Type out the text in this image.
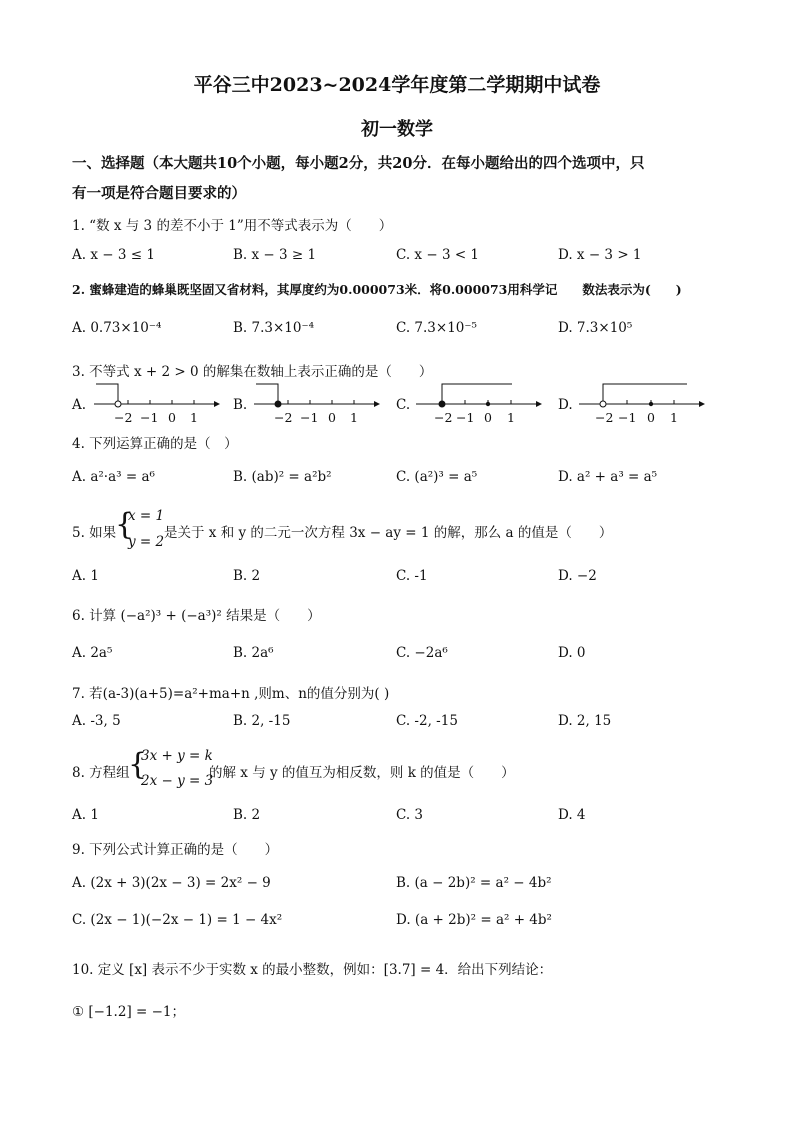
平谷三中2023~2024学年度第二学期期中试卷
初一数学
一、选择题（本大题共10个小题，每小题2分，共20分．在每小题给出的四个选项中，只
有一项是符合题目要求的）
1. “数 x 与 3 的差不小于 1”用不等式表示为（　　）
A. x − 3 ≤ 1	B. x − 3 ≥ 1	C. x − 3 < 1	D. x − 3 > 1
2. 蜜蜂建造的蜂巢既坚固又省材料，其厚度约为0.000073米．将0.000073用科学记　　数法表示为(　　)
A. 0.73×10⁻⁴	B. 7.3×10⁻⁴	C. 7.3×10⁻⁵	D. 7.3×10⁵
3. 不等式 x + 2 > 0 的解集在数轴上表示正确的是（　　）
A.
−2 −1 0 1
B.
−2 −1 0 1
C.
−2 −1 0 1
D.
−2 −1 0 1
4. 下列运算正确的是（　）
A. a²·a³ = a⁶	B. (ab)² = a²b²	C. (a²)³ = a⁵	D. a² + a³ = a⁵
5. 如果
{
x = 1
y = 2
是关于 x 和 y 的二元一次方程 3x − ay = 1 的解，那么 a 的值是（　　）
A. 1	B. 2	C. -1	D. −2
6. 计算 (−a²)³ + (−a³)² 结果是（　　）
A. 2a⁵	B. 2a⁶	C. −2a⁶	D. 0
7. 若(a-3)(a+5)=a²+ma+n ,则m、n的值分别为( )
A. -3, 5	B. 2, -15	C. -2, -15	D. 2, 15
8. 方程组
{
3x + y = k
2x − y = 3
的解 x 与 y 的值互为相反数，则 k 的值是（　　）
A. 1	B. 2	C. 3	D. 4
9. 下列公式计算正确的是（　　）
A. (2x + 3)(2x − 3) = 2x² − 9	B. (a − 2b)² = a² − 4b²
C. (2x − 1)(−2x − 1) = 1 − 4x²	D. (a + 2b)² = a² + 4b²
10. 定义 [x] 表示不少于实数 x 的最小整数，例如：[3.7] = 4．给出下列结论：
① [−1.2] = −1；
